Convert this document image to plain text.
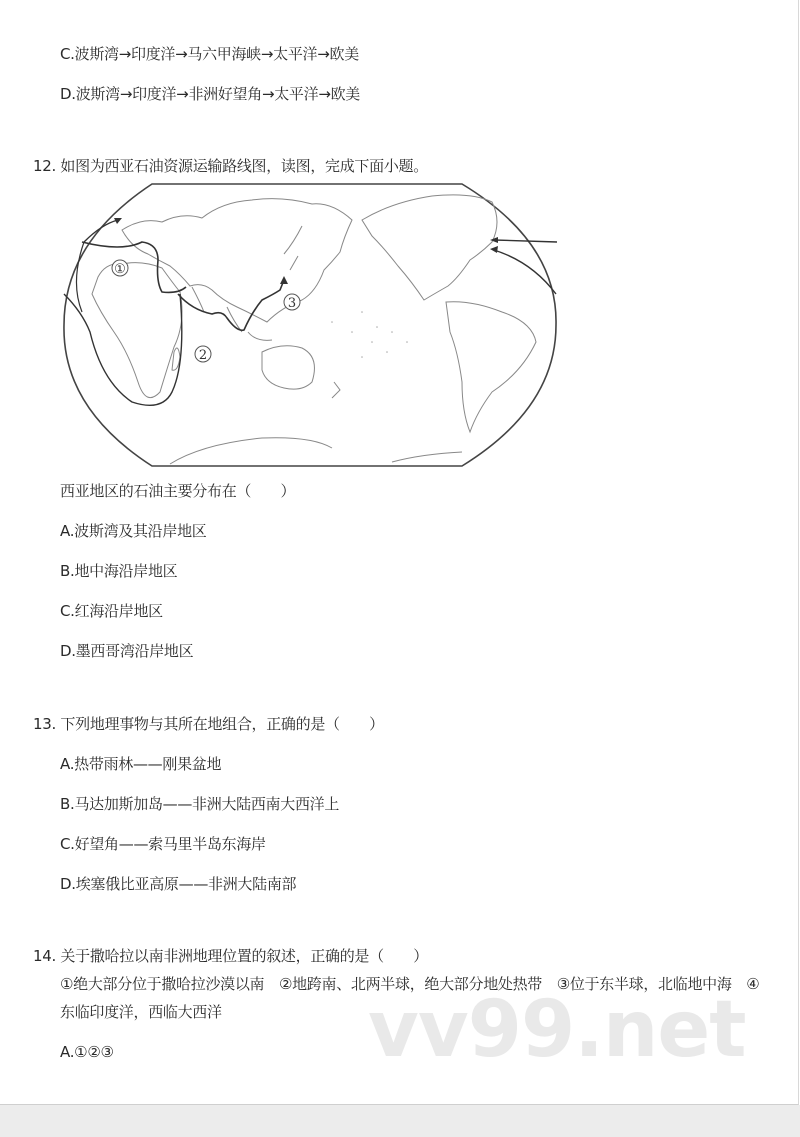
C.波斯湾→印度洋→马六甲海峡→太平洋→欧美
D.波斯湾→印度洋→非洲好望角→太平洋→欧美
12. 如图为西亚石油资源运输路线图，读图，完成下面小题。
①
2
3
西亚地区的石油主要分布在（　　）
A.波斯湾及其沿岸地区
B.地中海沿岸地区
C.红海沿岸地区
D.墨西哥湾沿岸地区
13. 下列地理事物与其所在地组合，正确的是（　　）
A.热带雨林——刚果盆地
B.马达加斯加岛——非洲大陆西南大西洋上
C.好望角——索马里半岛东海岸
D.埃塞俄比亚高原——非洲大陆南部
vv99.net
14. 关于撒哈拉以南非洲地理位置的叙述，正确的是（　　）
①绝大部分位于撒哈拉沙漠以南　②地跨南、北两半球，绝大部分地处热带　③位于东半球，北临地中海　④东临印度洋，西临大西洋
A.①②③
